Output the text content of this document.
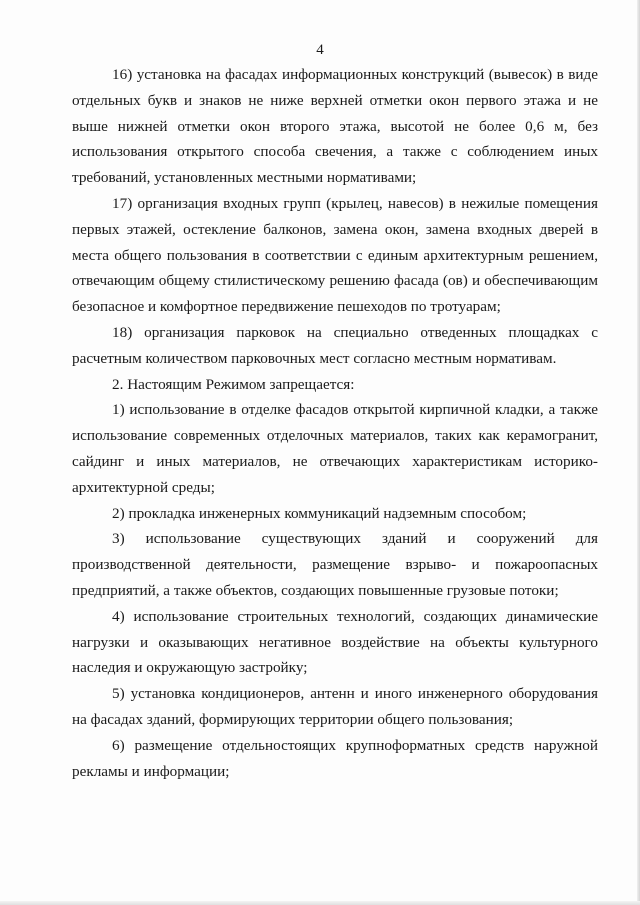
4

16) установка на фасадах информационных конструкций (вывесок) в виде отдельных букв и знаков не ниже верхней отметки окон первого этажа и не выше нижней отметки окон второго этажа, высотой не более 0,6 м, без использования открытого способа свечения, а также с соблюдением иных требований, установленных местными нормативами;

17) организация входных групп (крылец, навесов) в нежилые помещения первых этажей, остекление балконов, замена окон, замена входных дверей в места общего пользования в соответствии с единым архитектурным решением, отвечающим общему стилистическому решению фасада (ов) и обеспечивающим безопасное и комфортное передвижение пешеходов по тротуарам;

18) организация парковок на специально отведенных площадках с расчетным количеством парковочных мест согласно местным нормативам.

2. Настоящим Режимом запрещается:

1) использование в отделке фасадов открытой кирпичной кладки, а также использование современных отделочных материалов, таких как керамогранит, сайдинг и иных материалов, не отвечающих характеристикам историко-архитектурной среды;

2) прокладка инженерных коммуникаций надземным способом;

3) использование существующих зданий и сооружений для производственной деятельности, размещение взрыво- и пожароопасных предприятий, а также объектов, создающих повышенные грузовые потоки;

4) использование строительных технологий, создающих динамические нагрузки и оказывающих негативное воздействие на объекты культурного наследия и окружающую застройку;

5) установка кондиционеров, антенн и иного инженерного оборудования на фасадах зданий, формирующих территории общего пользования;

6) размещение отдельностоящих крупноформатных средств наружной рекламы и информации;
